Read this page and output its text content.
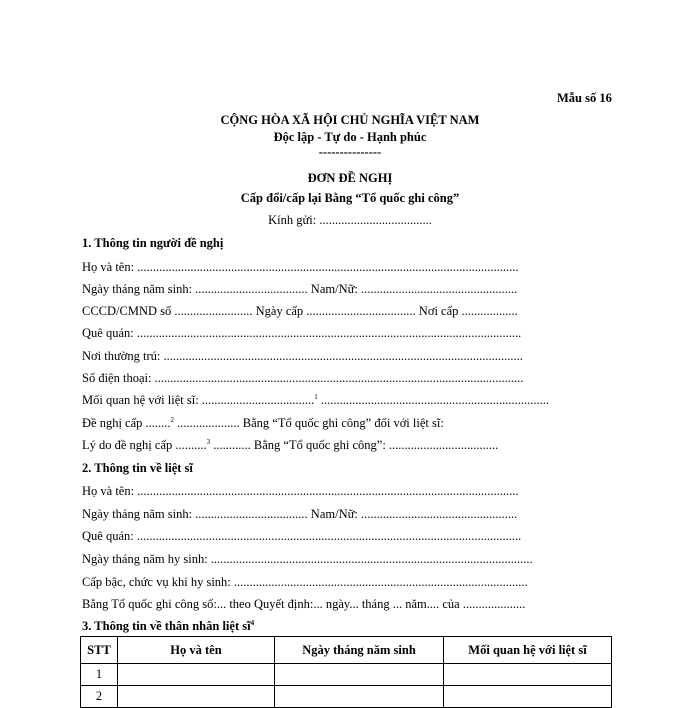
Mẫu số 16
CỘNG HÒA XÃ HỘI CHỦ NGHĨA VIỆT NAM
Độc lập - Tự do - Hạnh phúc
---------------
ĐƠN ĐỀ NGHỊ
Cấp đổi/cấp lại Bằng “Tổ quốc ghi công”
Kính gửi: ....................................
1. Thông tin người đề nghị
Họ và tên: ..........................................................................................................................
Ngày tháng năm sinh: .................................... Nam/Nữ: ..................................................
CCCD/CMND số ......................... Ngày cấp ................................... Nơi cấp ..................
Quê quán: ...........................................................................................................................
Nơi thường trú: ...................................................................................................................
Số điện thoại: ......................................................................................................................
Mối quan hệ với liệt sĩ: ....................................$^1$ .........................................................................
Đề nghị cấp ........$^2$ .................... Bằng “Tổ quốc ghi công” đối với liệt sĩ:
Lý do đề nghị cấp ..........$^3$ ............ Bằng “Tổ quốc ghi công”: ...................................
2. Thông tin về liệt sĩ
Họ và tên: ..........................................................................................................................
Ngày tháng năm sinh: .................................... Nam/Nữ: ..................................................
Quê quán: ...........................................................................................................................
Ngày tháng năm hy sinh: .......................................................................................................
Cấp bậc, chức vụ khi hy sinh: ..............................................................................................
Bằng Tổ quốc ghi công số:... theo Quyết định:... ngày... tháng ... năm.... của ....................
3. Thông tin về thân nhân liệt $sĩ^4$
STT	Họ và tên	Ngày tháng năm sinh	Mối quan hệ với liệt sĩ
1			
2			
